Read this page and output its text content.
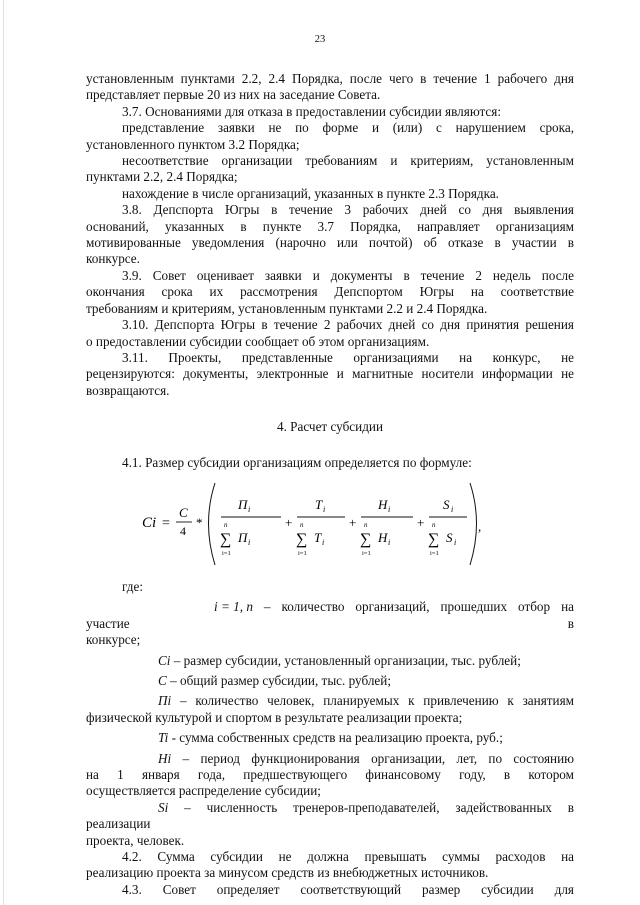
23

установленным пунктами 2.2, 2.4 Порядка, после чего в течение 1 рабочего дня

представляет первые 20 из них на заседание Совета.

3.7. Основаниями для отказа в предоставлении субсидии являются:

представление заявки не по форме и (или) с нарушением срока,

установленного пунктом 3.2 Порядка;

несоответствие организации требованиям и критериям, установленным

пунктами 2.2, 2.4 Порядка;

нахождение в числе организаций, указанных в пункте 2.3 Порядка.

3.8. Депспорта Югры в течение 3 рабочих дней со дня выявления

оснований, указанных в пункте 3.7 Порядка, направляет организациям

мотивированные уведомления (нарочно или почтой) об отказе в участии в

конкурсе.

3.9. Совет оценивает заявки и документы в течение 2 недель после

окончания срока их рассмотрения Депспортом Югры на соответствие

требованиям и критериям, установленным пунктами 2.2 и 2.4 Порядка.

3.10. Депспорта Югры в течение 2 рабочих дней со дня принятия решения

о предоставлении субсидии сообщает об этом организациям.

3.11. Проекты, представленные организациями на конкурс, не

рецензируются: документы, электронные и магнитные носители информации не

возвращаются.

4. Расчет субсидии

4.1. Размер субсидии организациям определяется по формуле:

Ci =
C
4
*	,
П i
n
∑
i=1
П i
+
T i
n
∑
i=1
T i
+
H i
n
∑
i=1
H i
+
S i
n
∑
i=1
S i

где:

i = 1, n – количество организаций, прошедших отбор на участие в

конкурсе;

Ci – размер субсидии, установленный организации, тыс. рублей;

C – общий размер субсидии, тыс. рублей;

Пi – количество человек, планируемых к привлечению к занятиям

физической культурой и спортом в результате реализации проекта;

Ti - сумма собственных средств на реализацию проекта, руб.;

Hi – период функционирования организации, лет, по состоянию

на 1 января года, предшествующего финансовому году, в котором

осуществляется распределение субсидии;

Si – численность тренеров-преподавателей, задействованных в реализации

проекта, человек.

4.2. Сумма субсидии не должна превышать суммы расходов на

реализацию проекта за минусом средств из внебюджетных источников.

4.3. Совет определяет соответствующий размер субсидии для
